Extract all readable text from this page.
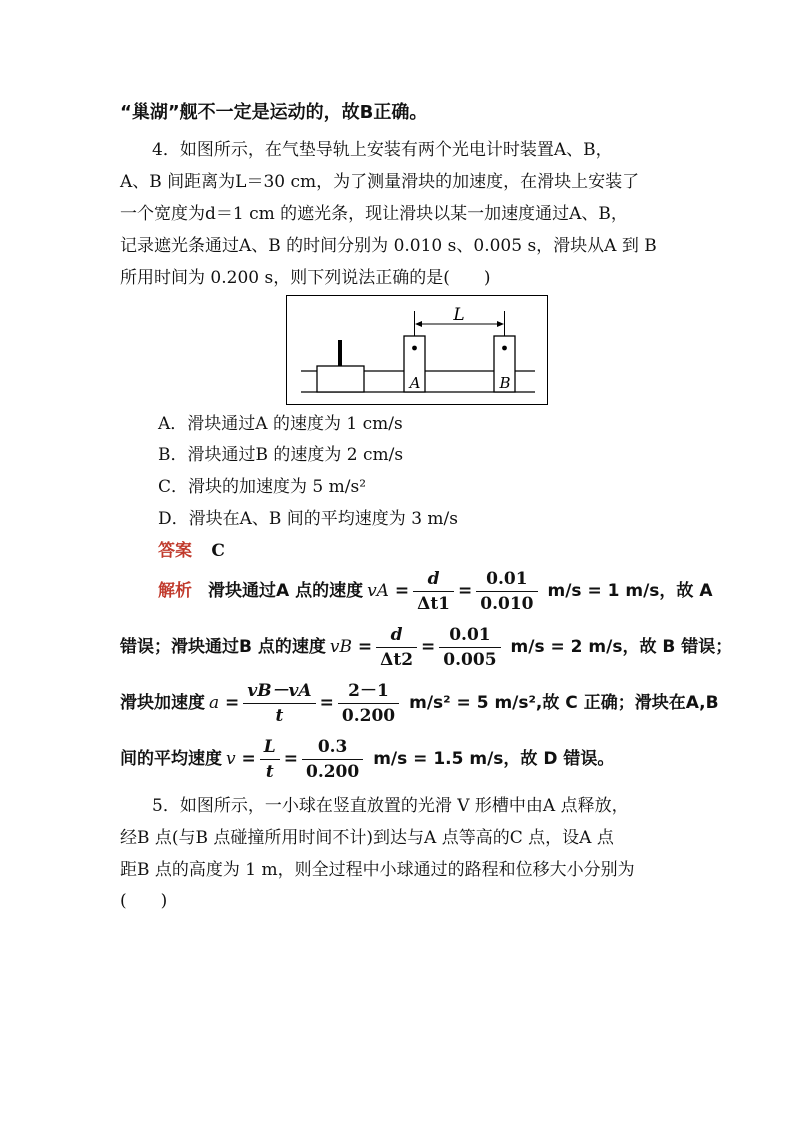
“巢湖”舰不一定是运动的，故B正确。
4．如图所示，在气垫导轨上安装有两个光电计时装置A、B，
A、B 间距离为L＝30 cm，为了测量滑块的加速度，在滑块上安装了
一个宽度为d＝1 cm 的遮光条，现让滑块以某一加速度通过A、B，
记录遮光条通过A、B 的时间分别为 0.010 s、0.005 s，滑块从A 到 B
所用时间为 0.200 s，则下列说法正确的是(　　)
L
A	B
A．滑块通过A 的速度为 1 cm/s
B．滑块通过B 的速度为 2 cm/s
C．滑块的加速度为 5 m/s²
D．滑块在A、B 间的平均速度为 3 m/s
答案 C
解析 滑块通过A 点的速度 vA = $\frac{d}{\Delta t1} = \frac{0.01}{0.010} m/s = 1$ m/s，故 A
错误；滑块通过B 点的速度 vB = $\frac{d}{\Delta t2} = \frac{0.01}{0.005} m/s = 2$ m/s，故 B 错误；
滑块加速度 $a = \frac{vB-vA}{t} = \frac{2-1}{0.200} m/s^2 = 5$ m/s²,故 C 正确；滑块在A,B
间的平均速度 $v = \frac{L}{t} = \frac{0.3}{0.200} m/s = 1.5$ m/s，故 D 错误。
5．如图所示，一小球在竖直放置的光滑 V 形槽中由A 点释放，
经B 点(与B 点碰撞所用时间不计)到达与A 点等高的C 点，设A 点
距B 点的高度为 1 m，则全过程中小球通过的路程和位移大小分别为
(　　)
